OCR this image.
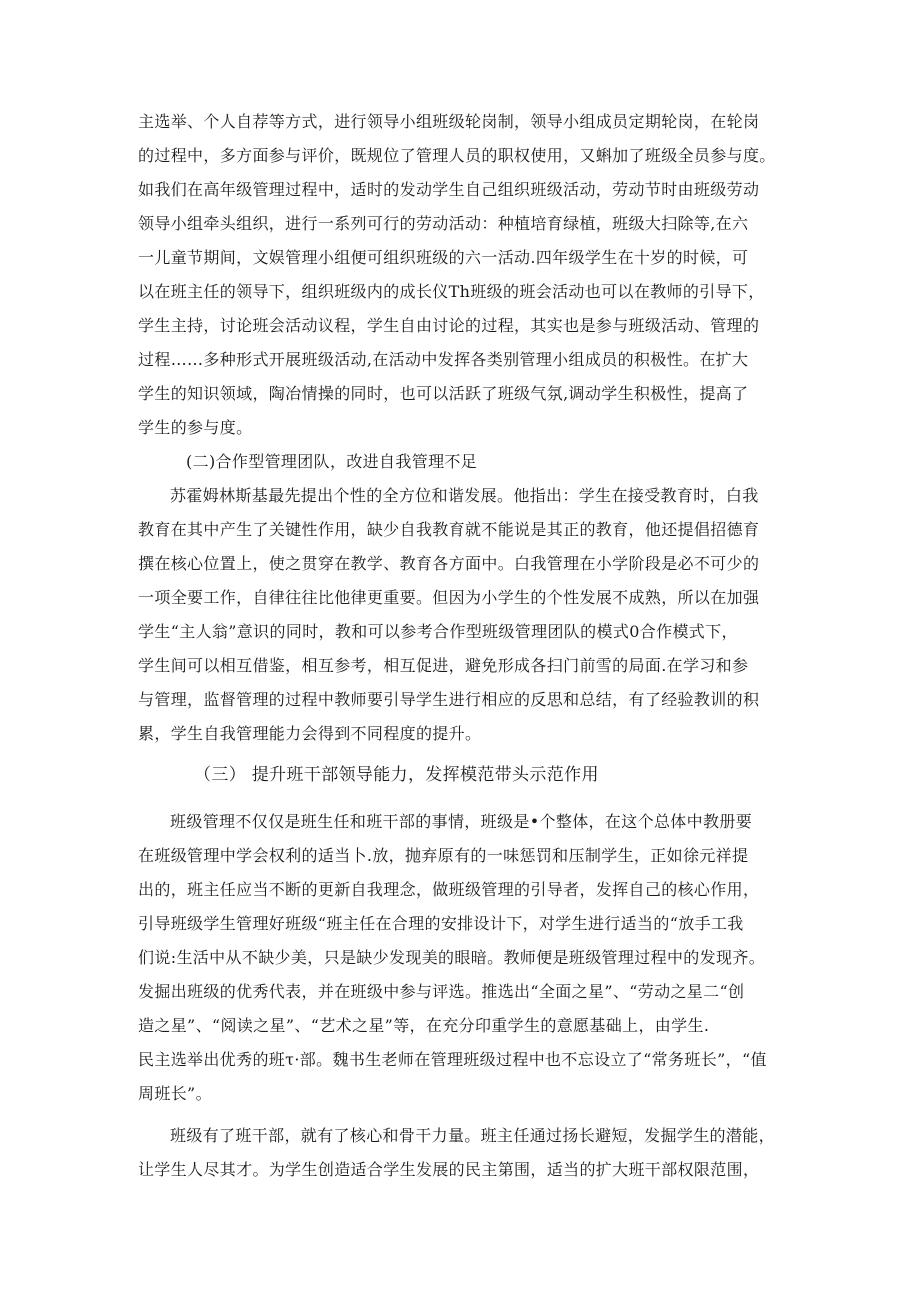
主选举、个人自荐等方式，进行领导小组班级轮岗制，领导小组成员定期轮岗，在轮岗
的过程中，多方面参与评价，既规位了管理人员的职权使用，又蝌加了班级全员参与度。
如我们在高年级管理过程中，适时的发动学生自己组织班级活动，劳动节时由班级劳动
领导小组牵头组织，进行一系列可行的劳动活动：种植培育绿植，班级大扫除等,在六
一儿童节期间，文娱管理小组便可组织班级的六一活动.四年级学生在十岁的时候，可
以在班主任的领导下，组织班级内的成长仪Th班级的班会活动也可以在教师的引导下，
学生主持，讨论班会活动议程，学生自由讨论的过程，其实也是参与班级活动、管理的
过程……多种形式开展班级活动,在活动中发挥各类别管理小组成员的积极性。在扩大
学生的知识领域，陶冶情操的同时，也可以活跃了班级气氛,调动学生积极性，提高了
学生的参与度。
(二)合作型管理团队，改进自我管理不足
苏霍姆林斯基最先提出个性的全方位和谐发展。他指出：学生在接受教育时，白我
教育在其中产生了关键性作用，缺少自我教育就不能说是其正的教育，他还提倡招德育
撰在核心位置上，使之贯穿在教学、教育各方面中。白我管理在小学阶段是必不可少的
一项全要工作，自律往往比他律更重要。但因为小学生的个性发展不成熟，所以在加强
学生“主人翁”意识的同时，教和可以参考合作型班级管理团队的模式0合作模式下，
学生间可以相互借鉴，相互参考，相互促进，避免形成各扫门前雪的局面.在学习和参
与管理，监督管理的过程中教师要引导学生进行相应的反思和总结，有了经验教训的积
累，学生自我管理能力会得到不同程度的提升。
（三） 提升班干部领导能力，发挥模范带头示范作用
班级管理不仅仅是班生任和班干部的事情，班级是•个整体，在这个总体中教册要
在班级管理中学会权利的适当卜.放，抛弃原有的一味惩罚和压制学生，正如徐元祥提
出的，班主任应当不断的更新自我理念，做班级管理的引导者，发挥自己的核心作用，
引导班级学生管理好班级“班主任在合理的安排设计下，对学生进行适当的“放手工我
们说:生活中从不缺少美，只是缺少发现美的眼暗。教师便是班级管理过程中的发现齐。
发掘出班级的优秀代表，并在班级中参与评选。推选出“全面之星”、“劳动之星二“创
造之星”、“阅读之星”、“艺术之星”等，在充分印重学生的意愿基础上，由学生.
民主选举出优秀的班τ·部。魏书生老师在管理班级过程中也不忘设立了“常务班长”，“值
周班长”。
班级有了班干部，就有了核心和骨干力量。班主任通过扬长避短，发掘学生的潜能，
让学生人尽其才。为学生创造适合学生发展的民主第围，适当的扩大班干部权限范围，
